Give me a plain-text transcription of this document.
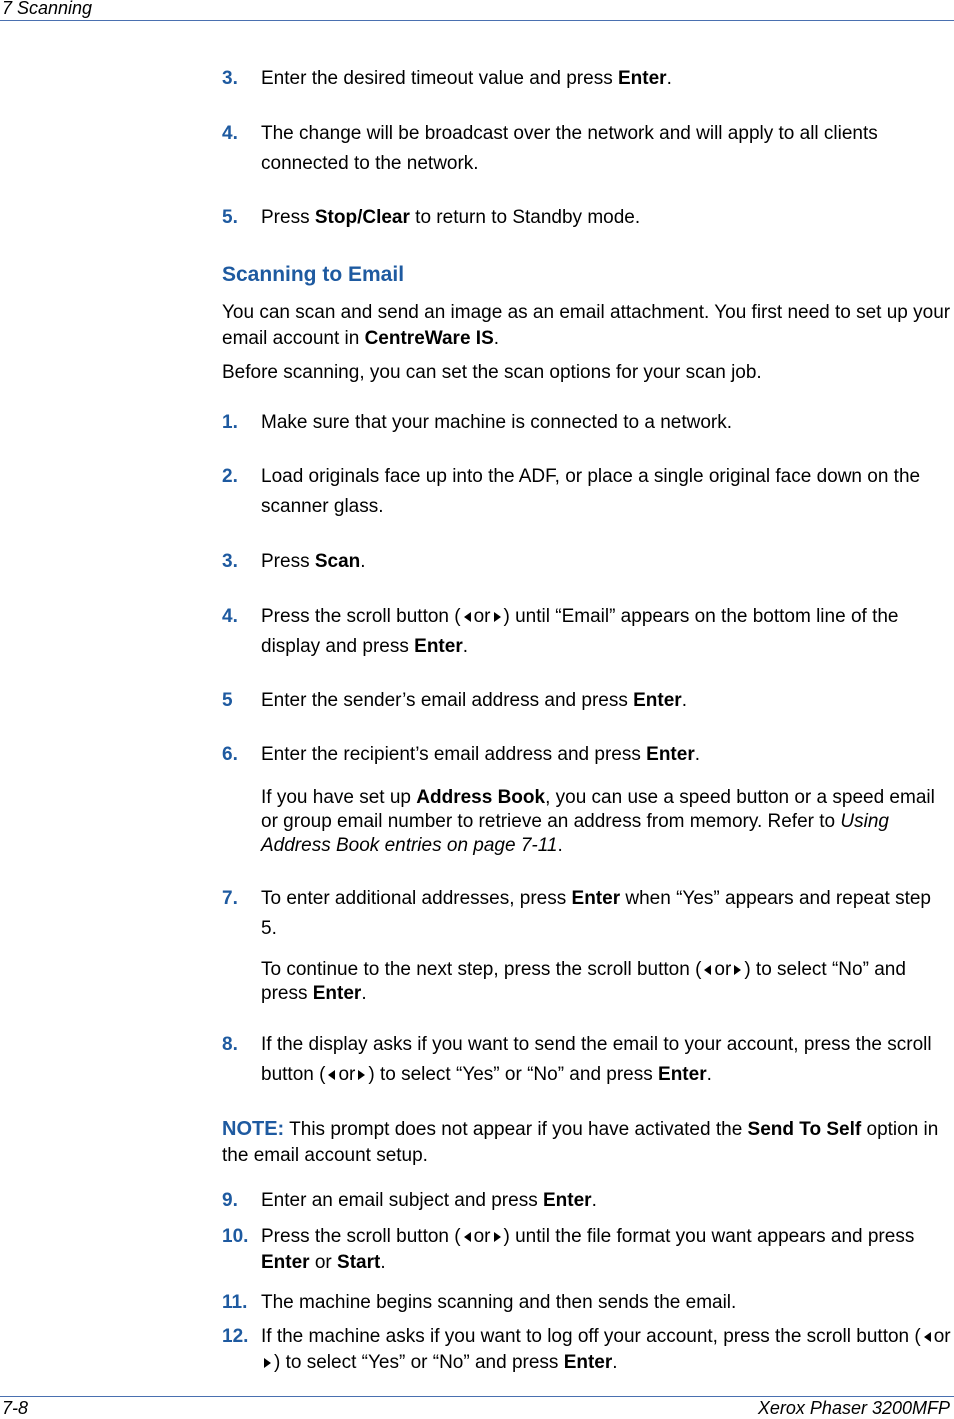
7 Scanning
3. Enter the desired timeout value and press Enter.
4. The change will be broadcast over the network and will apply to all clients connected to the network.
5. Press Stop/Clear to return to Standby mode.
Scanning to Email
You can scan and send an image as an email attachment. You first need to set up your email account in CentreWare IS.
Before scanning, you can set the scan options for your scan job.
1. Make sure that your machine is connected to a network.
2. Load originals face up into the ADF, or place a single original face down on the scanner glass.
3. Press Scan.
4. Press the scroll button ( or ) until “Email” appears on the bottom line of the display and press Enter.
5 Enter the sender’s email address and press Enter.
6. Enter the recipient’s email address and press Enter.
If you have set up Address Book, you can use a speed button or a speed email or group email number to retrieve an address from memory. Refer to Using Address Book entries on page 7-11.
7. To enter additional addresses, press Enter when “Yes” appears and repeat step 5.
To continue to the next step, press the scroll button ( or ) to select “No” and press Enter.
8. If the display asks if you want to send the email to your account, press the scroll button ( or ) to select “Yes” or “No” and press Enter.
NOTE: This prompt does not appear if you have activated the Send To Self option in the email account setup.
9. Enter an email subject and press Enter.
10. Press the scroll button ( or ) until the file format you want appears and press Enter or Start.
11. The machine begins scanning and then sends the email.
12. If the machine asks if you want to log off your account, press the scroll button ( or) to select “Yes” or “No” and press Enter.
7-8	Xerox Phaser 3200MFP
